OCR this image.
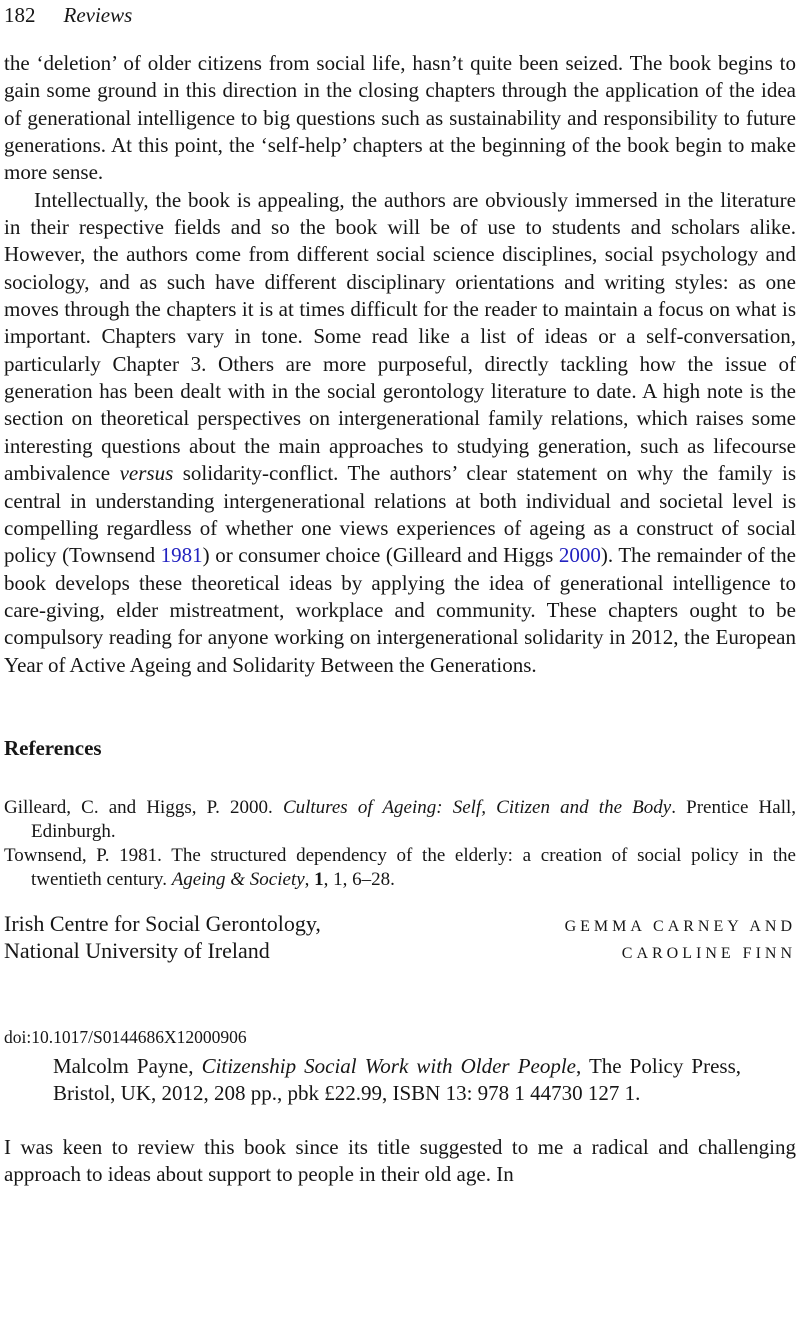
182 Reviews

the ‘deletion’ of older citizens from social life, hasn’t quite been seized. The book begins to gain some ground in this direction in the closing chapters through the application of the idea of generational intelligence to big questions such as sustainability and responsibility to future generations. At this point, the ‘self-help’ chapters at the beginning of the book begin to make more sense.

Intellectually, the book is appealing, the authors are obviously immersed in the literature in their respective fields and so the book will be of use to students and scholars alike. However, the authors come from different social science disciplines, social psychology and sociology, and as such have different disciplinary orientations and writing styles: as one moves through the chapters it is at times difficult for the reader to maintain a focus on what is important. Chapters vary in tone. Some read like a list of ideas or a self-conversation, particularly Chapter 3. Others are more purposeful, directly tackling how the issue of generation has been dealt with in the social gerontology literature to date. A high note is the section on theoretical perspectives on intergenerational family relations, which raises some interesting questions about the main approaches to studying generation, such as lifecourse ambivalence versus solidarity-conflict. The authors’ clear statement on why the family is central in understanding intergenerational relations at both individual and societal level is compelling regardless of whether one views experiences of ageing as a construct of social policy (Townsend 1981) or consumer choice (Gilleard and Higgs 2000). The remainder of the book develops these theoretical ideas by applying the idea of generational intelligence to care-giving, elder mistreatment, workplace and community. These chapters ought to be compulsory reading for anyone working on intergenerational solidarity in 2012, the European Year of Active Ageing and Solidarity Between the Generations.

References

Gilleard, C. and Higgs, P. 2000. Cultures of Ageing: Self, Citizen and the Body. Prentice Hall, Edinburgh.

Townsend, P. 1981. The structured dependency of the elderly: a creation of social policy in the twentieth century. Ageing & Society, 1, 1, 6–28.

Irish Centre for Social Gerontology,
National University of Ireland
GEMMA CARNEY AND
CAROLINE FINN
doi:10.1017/S0144686X12000906

Malcolm Payne, Citizenship Social Work with Older People, The Policy Press, Bristol, UK, 2012, 208 pp., pbk £22.99, ISBN 13: 978 1 44730 127 1.

I was keen to review this book since its title suggested to me a radical and challenging approach to ideas about support to people in their old age. In
